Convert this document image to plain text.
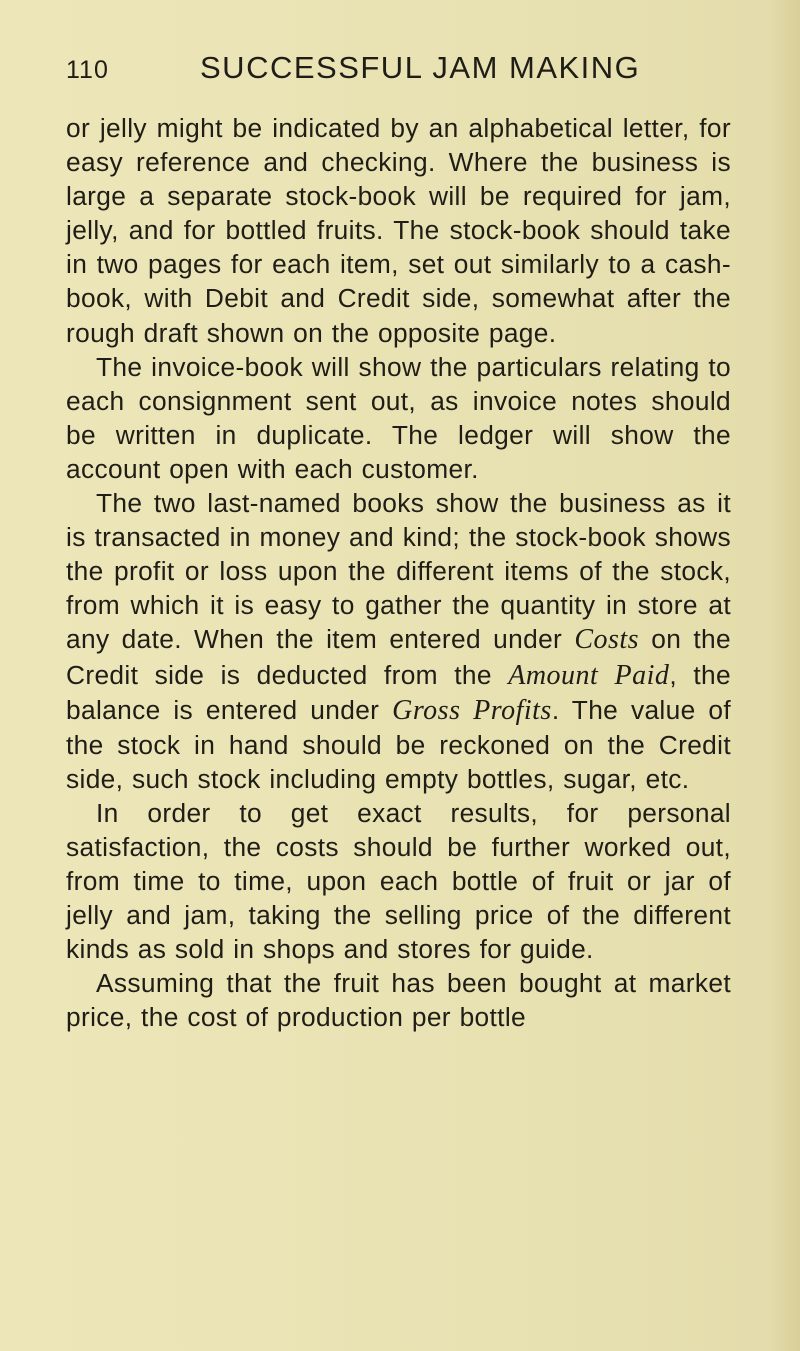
110	SUCCESSFUL JAM MAKING

or jelly might be indicated by an alphabetical letter, for easy reference and checking. Where the business is large a separate stock-book will be required for jam, jelly, and for bottled fruits. The stock-book should take in two pages for each item, set out similarly to a cash-book, with Debit and Credit side, somewhat after the rough draft shown on the opposite page.

The invoice-book will show the particulars relating to each consignment sent out, as invoice notes should be written in duplicate. The ledger will show the account open with each customer.

The two last-named books show the business as it is transacted in money and kind; the stock-book shows the profit or loss upon the different items of the stock, from which it is easy to gather the quantity in store at any date. When the item entered under Costs on the Credit side is deducted from the Amount Paid, the balance is entered under Gross Profits. The value of the stock in hand should be reckoned on the Credit side, such stock including empty bottles, sugar, etc.

In order to get exact results, for personal satisfaction, the costs should be further worked out, from time to time, upon each bottle of fruit or jar of jelly and jam, taking the selling price of the different kinds as sold in shops and stores for guide.

Assuming that the fruit has been bought at market price, the cost of production per bottle
